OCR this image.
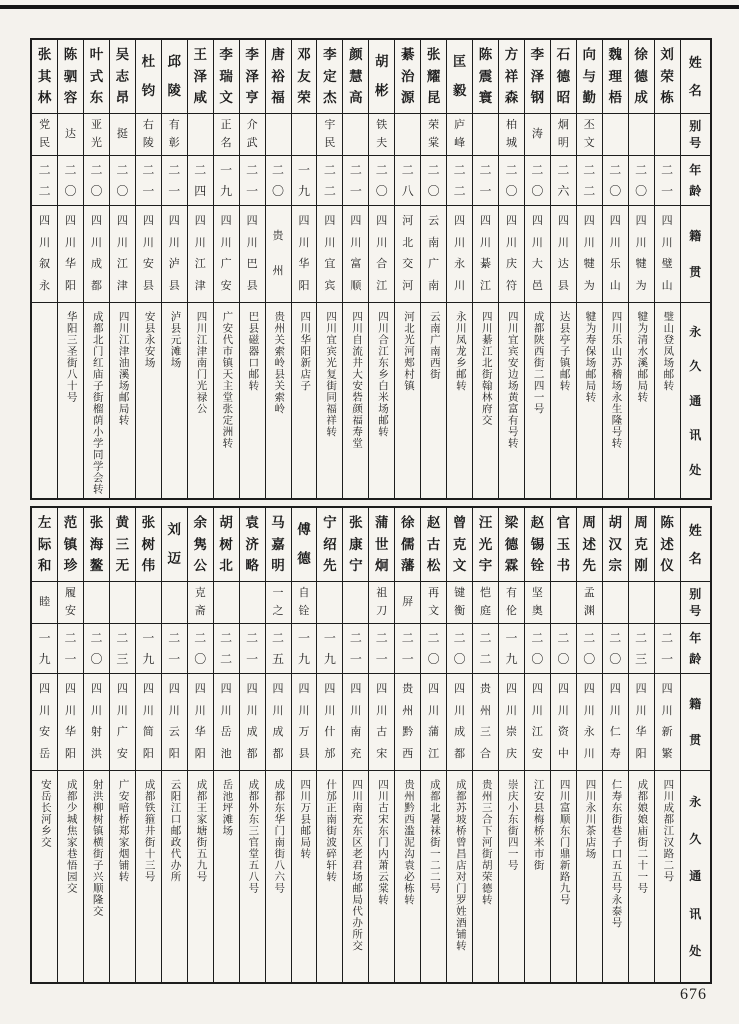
姓
名
别
号
年
龄
籍
贯
永
久
通
讯
处
刘
荣
栋
二
一
四
川
璧
山
璧山登凤场邮转
徐
德
成
二
〇
四
川
犍
为
犍为清水溪邮局转
魏
理
梧
二
〇
四
川
乐
山
四川乐山苏稽场永生隆号转
向
与
勤
丕
文
二
二
四
川
犍
为
犍为寿保场邮局转
石
德
昭
炯
明
二
六
四
川
达
县
达县亭子镇邮转
李
泽
钢
涛
二
〇
四
川
大
邑
成都陕西街二四一号
方
祥
森
柏
城
二
〇
四
川
庆
符
四川宜宾安边场黄富有号转
陈
震
寰
二
一
四
川
綦
江
四川綦江北街翰林府交
匡
毅
庐
峰
二
二
四
川
永
川
永川凤龙乡邮转
张
耀
昆
荣
棠
二
〇
云
南
广
南
云南广南西街
綦
治
源
二
八
河
北
交
河
河北光河郏村镇
胡
彬
铁
夫
二
〇
四
川
合
江
四川合江东乡白米场邮转
颜
慧
高
二
一
四
川
富
顺
四川自流井大安砦颜福寿堂
李
定
杰
宇
民
二
二
四
川
宜
宾
四川宜宾光复街同福祥转
邓
友
荣
一
九
四
川
华
阳
四川华阳新店子
唐
裕
福
二
〇
贵
州
贵州关索岭县关索岭
李
泽
亨
介
武
二
一
四
川
巴
县
巴县磁器口邮转
李
瑞
文
正
名
一
九
四
川
广
安
广安代市镇天主堂张定洲转
王
泽
咸
二
四
四
川
江
津
四川江津南门光禄公
邱
陵
有
彰
二
一
四
川
泸
县
泸县元滩场
杜
钧
右
陵
二
一
四
川
安
县
安县永安场
吴
志
昂
挺
二
〇
四
川
江
津
四川江津油溪场邮局转
叶
式
东
亚
光
二
〇
四
川
成
都
成都北门红庙子街榴荫小学同学会转
陈
驷
容
达
二
〇
四
川
华
阳
华阳三圣街八十号
张
其
林
党
民
二
二
四
川
叙
永
姓
名
别
号
年
龄
籍
贯
永
久
通
讯
处
陈
述
仪
二
一
四
川
新
繁
四川成都江汉路二号
周
克
刚
二
三
四
川
华
阳
成都娘娘庙街二十一号
胡
汉
宗
二
〇
四
川
仁
寿
仁寿东街巷子口五五号永泰号
周
述
先
孟
渊
二
〇
四
川
永
川
四川永川茶店场
官
玉
书
二
〇
四
川
资
中
四川富顺东门鼎新路九号
赵
锡
铨
坚
奥
二
〇
四
川
江
安
江安县梅桥米市街
梁
德
霖
有
伦
一
九
四
川
崇
庆
崇庆小东街四一号
汪
光
宇
恺
庭
二
二
贵
州
三
合
贵州三合下河街胡荣德转
曾
克
文
键
衡
二
〇
四
川
成
都
成都苏坡桥曾昌店对门罗姓酒铺转
赵
古
松
再
文
二
〇
四
川
蒲
江
成都北暑袜街一二二号
徐
儒
藩
屏
二
一
贵
州
黔
西
贵州黔西滥泥沟袁必栋转
蒲
世
炯
祖
刀
二
一
四
川
古
宋
四川古宋东门内萧云棠转
张
康
宁
二
一
四
川
南
充
四川南充东区老君场邮局代办所交
宁
绍
先
一
九
四
川
什
邡
什邡正南街波碎轩转
傅
德
自
铨
一
九
四
川
万
县
四川万县邮局转
马
嘉
明
一
之
二
五
四
川
成
都
成都东华门南街八六号
袁
济
略
二
一
四
川
成
都
成都外东三官堂五八号
胡
树
北
二
二
四
川
岳
池
岳池坪滩场
余
隽
公
克
斋
二
〇
四
川
华
阳
成都王家塘街五九号
刘
迈
二
一
四
川
云
阳
云阳江口邮政代办所
张
树
伟
一
九
四
川
简
阳
成都铁箍井街十三号
黄
三
无
二
三
四
川
广
安
广安喑桥郑家烟铺转
张
海
鳌
二
〇
四
川
射
洪
射洪柳树镇横街子兴顺隆交
范
镇
珍
履
安
二
一
四
川
华
阳
成都少城焦家巷悟园交
左
际
和
睦
一
九
四
川
安
岳
安岳长河乡交
676
